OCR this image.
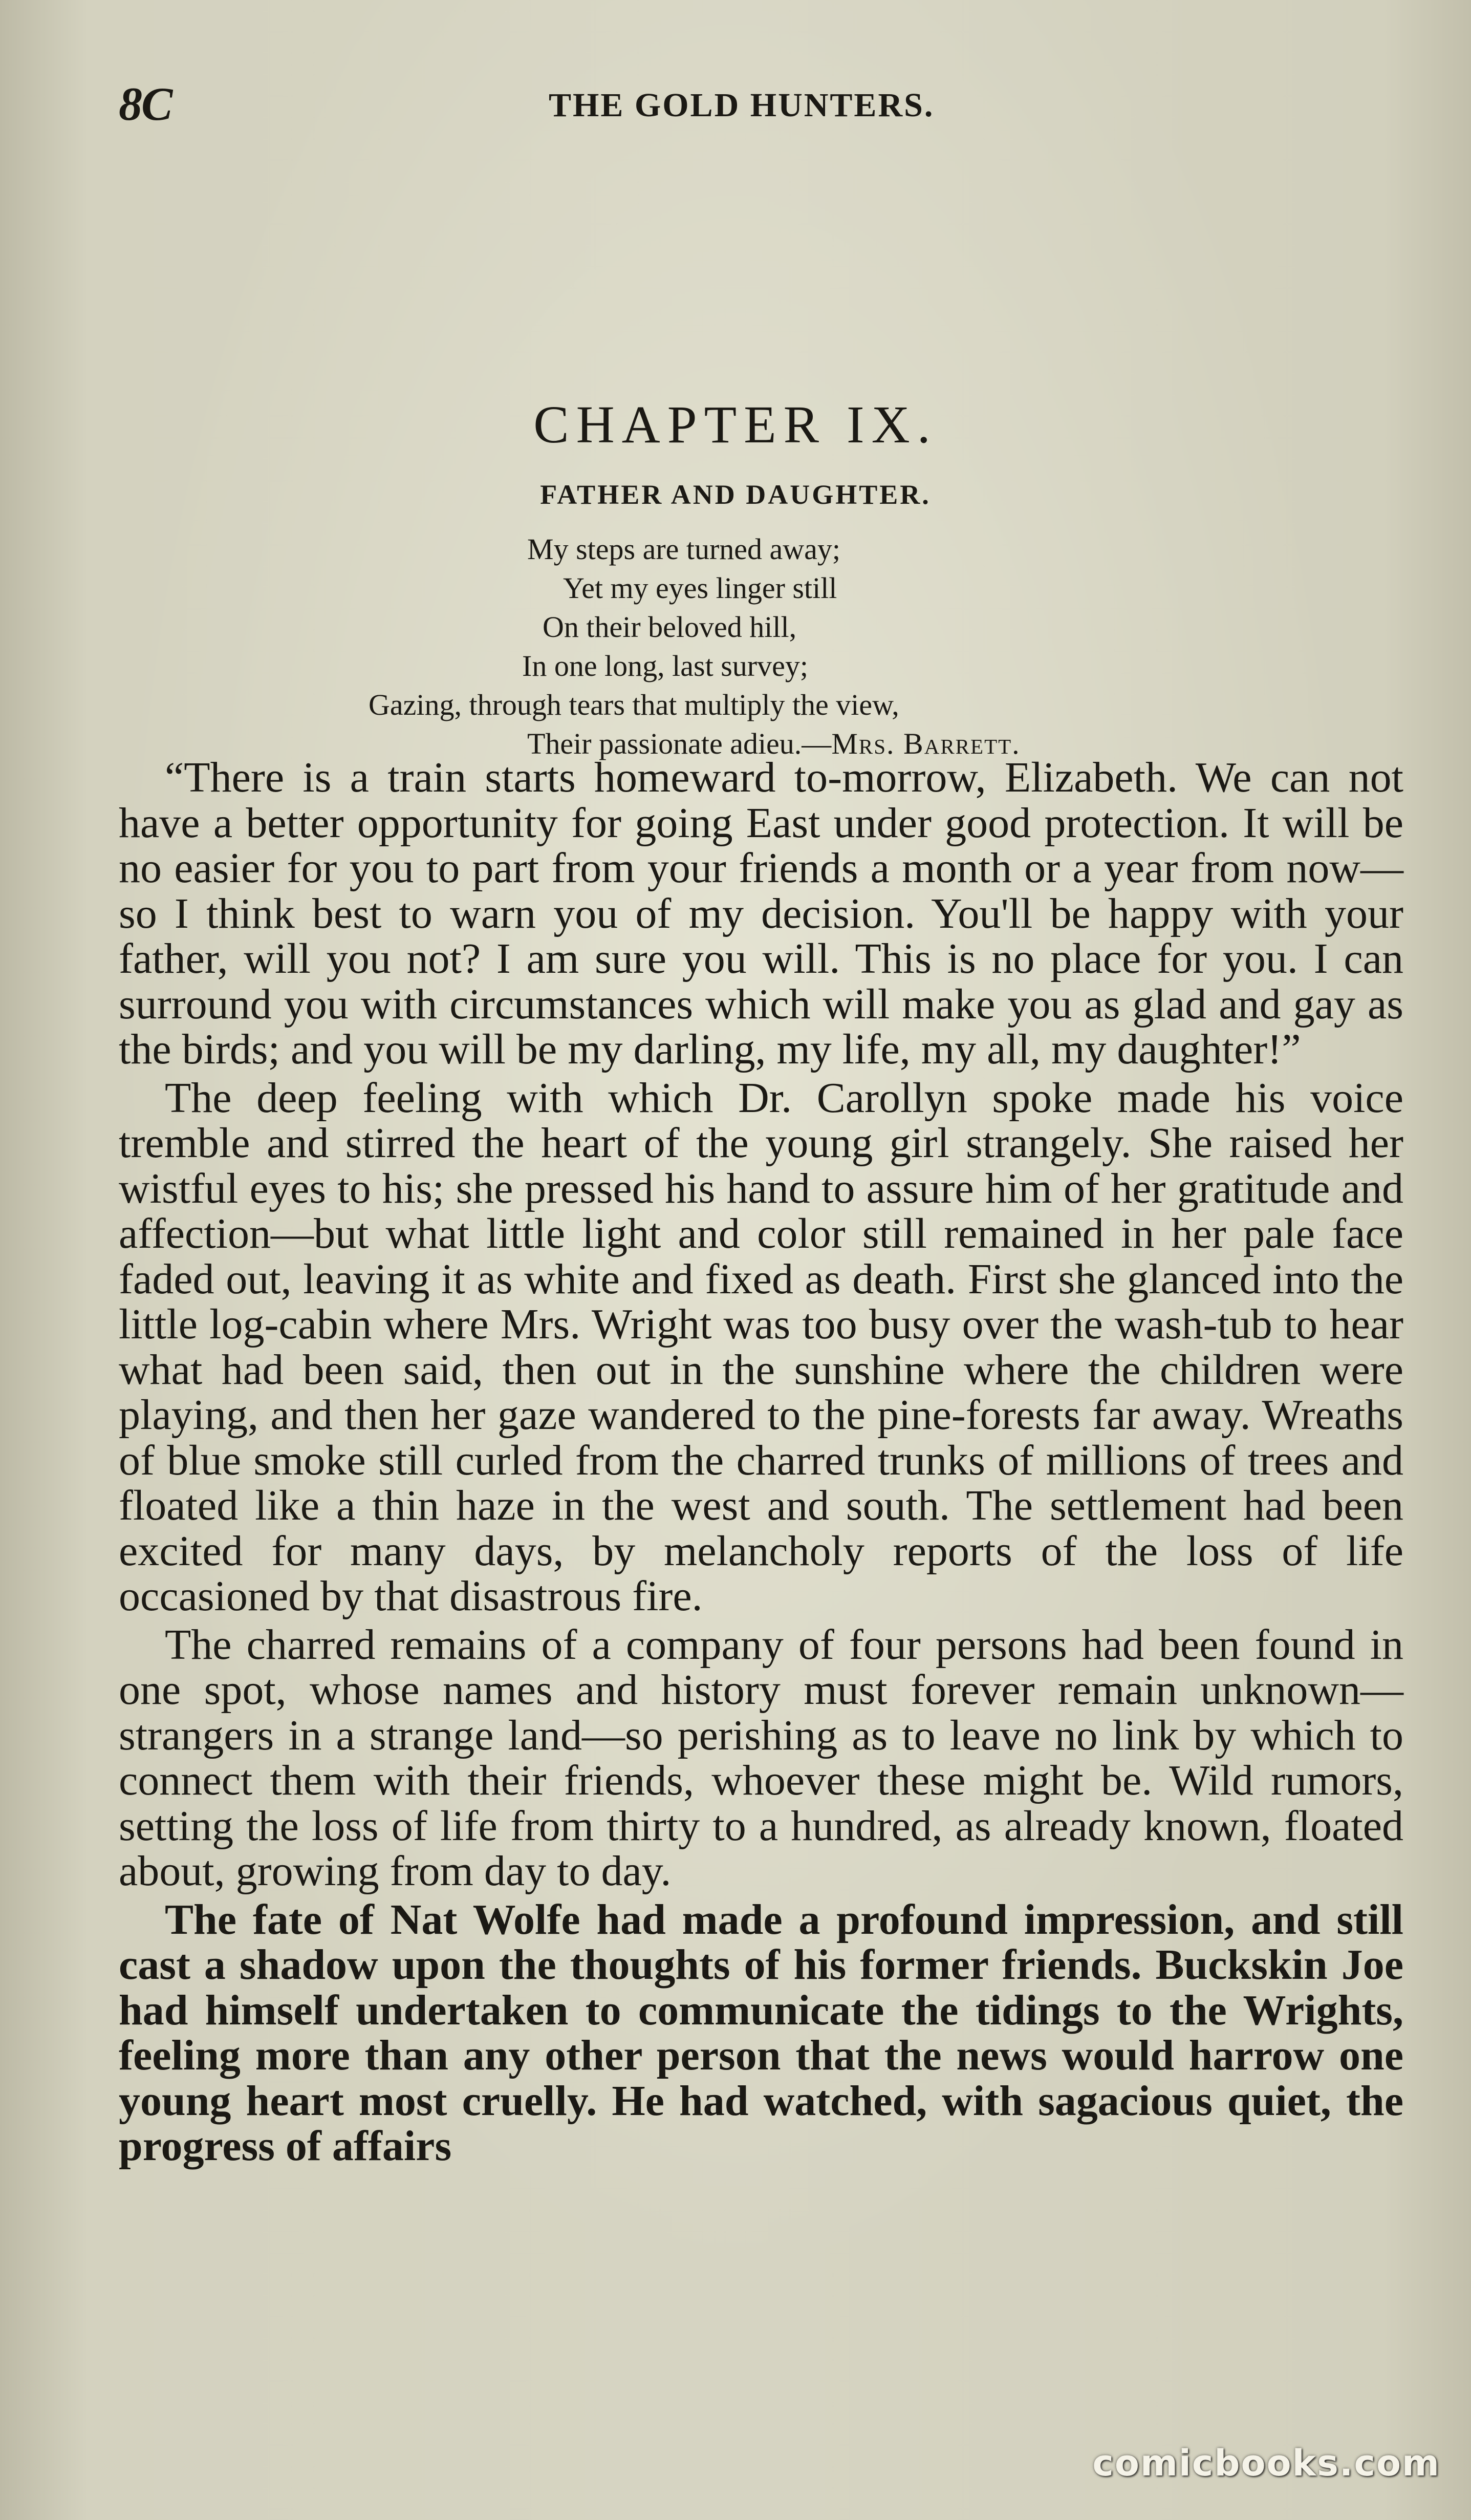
8C	THE GOLD HUNTERS.
CHAPTER IX.
FATHER AND DAUGHTER.
My steps are turned away;
Yet my eyes linger still
On their beloved hill,
In one long, last survey;
Gazing, through tears that multiply the view,
Their passionate adieu.—Mrs. Barrett.

“There is a train starts homeward to-morrow, Elizabeth. We can not have a better opportunity for going East under good protection. It will be no easier for you to part from your friends a month or a year from now—so I think best to warn you of my decision. You'll be happy with your father, will you not? I am sure you will. This is no place for you. I can surround you with circumstances which will make you as glad and gay as the birds; and you will be my darling, my life, my all, my daughter!”

The deep feeling with which Dr. Carollyn spoke made his voice tremble and stirred the heart of the young girl strangely. She raised her wistful eyes to his; she pressed his hand to assure him of her gratitude and affection—but what little light and color still remained in her pale face faded out, leaving it as white and fixed as death. First she glanced into the little log-cabin where Mrs. Wright was too busy over the wash-tub to hear what had been said, then out in the sunshine where the children were playing, and then her gaze wandered to the pine-forests far away. Wreaths of blue smoke still curled from the charred trunks of millions of trees and floated like a thin haze in the west and south. The settlement had been excited for many days, by melancholy reports of the loss of life occasioned by that disastrous fire.

The charred remains of a company of four persons had been found in one spot, whose names and history must forever remain unknown—strangers in a strange land—so perishing as to leave no link by which to connect them with their friends, whoever these might be. Wild rumors, setting the loss of life from thirty to a hundred, as already known, floated about, growing from day to day.

The fate of Nat Wolfe had made a profound impression, and still cast a shadow upon the thoughts of his former friends. Buckskin Joe had himself undertaken to communicate the tidings to the Wrights, feeling more than any other person that the news would harrow one young heart most cruelly. He had watched, with sagacious quiet, the progress of affairs

comicbooks.com
